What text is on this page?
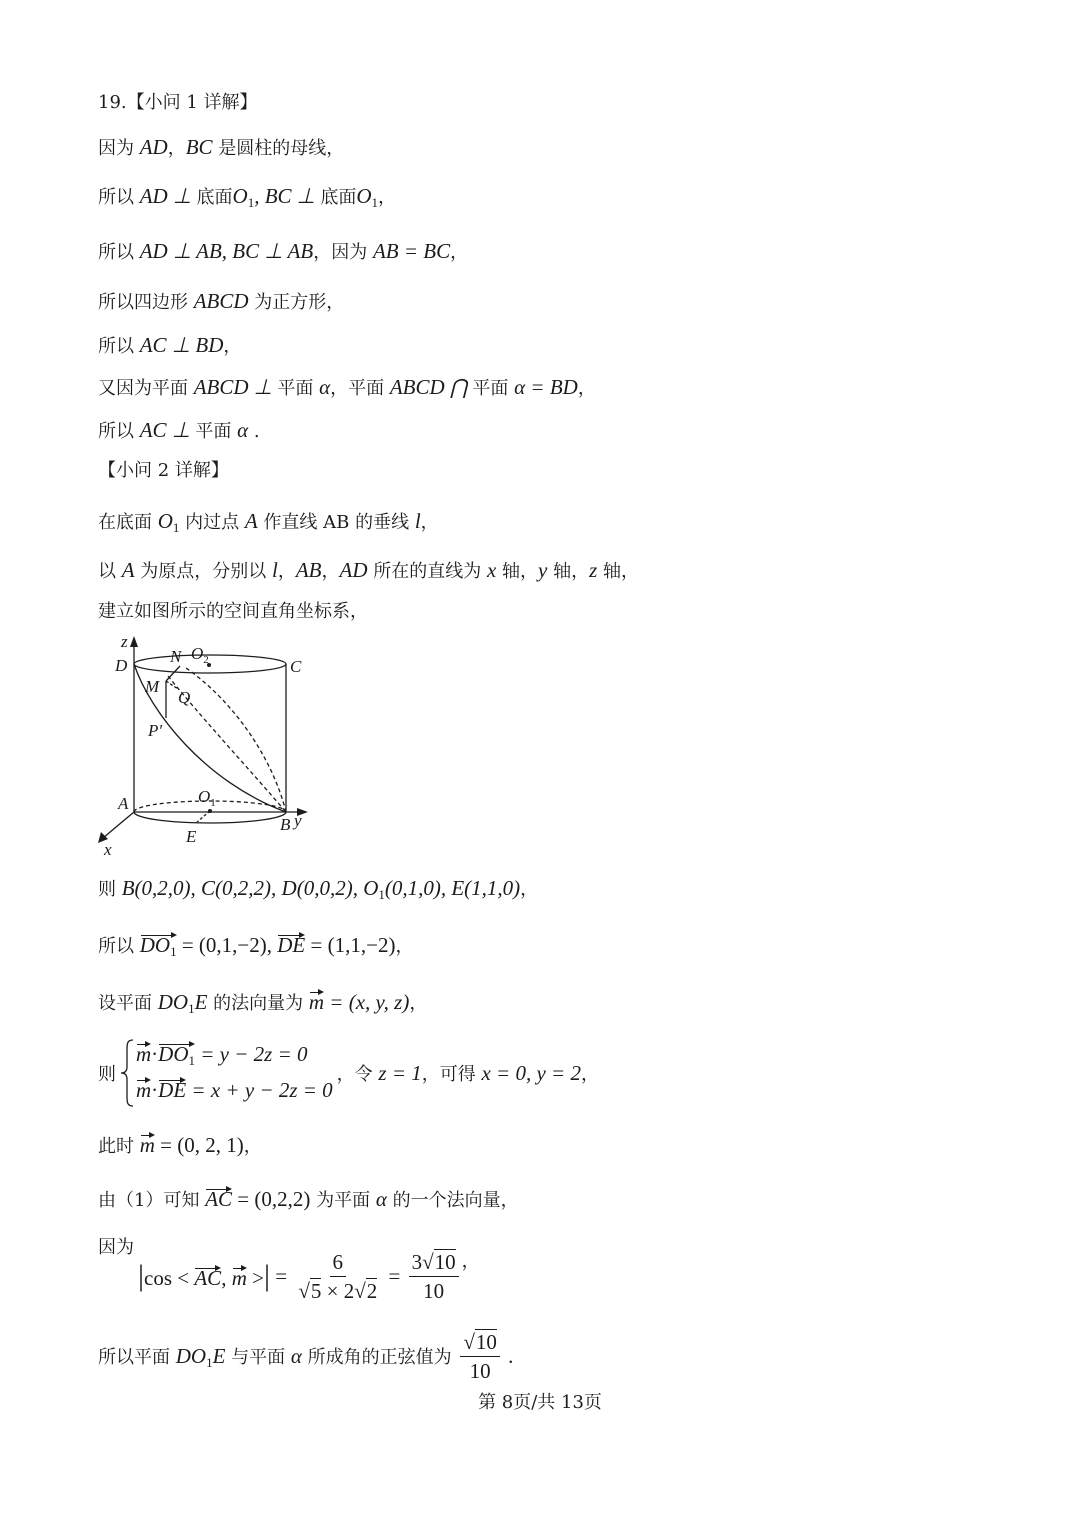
19.【小问 1 详解】
因为 AD，BC 是圆柱的母线，
所以 AD ⊥ 底面$O_1$, BC ⊥ 底面$O_1$，
所以 AD ⊥ AB, BC ⊥ AB，因为 AB = BC，
所以四边形 ABCD 为正方形，
所以 AC ⊥ BD，
又因为平面 ABCD ⊥ 平面 α，平面 ABCD ⋂ 平面 α = BD，
所以 AC ⊥ 平面 α .
【小问 2 详解】
在底面 $O_1$ 内过点 A 作直线 AB 的垂线 l，
以 A 为原点，分别以 l，AB，AD 所在的直线为 x 轴，y 轴，z 轴，
建立如图所示的空间直角坐标系，
z
D	N $O_2$	C
M
Q
P′
A	$O_1$
B y
E
x
则 B(0,2,0), C(0,2,2), D(0,0,2), $O_1(0,1,0)$, E(1,1,0)，
所以 $DO_1 = (0,1,-2)$, DE = (1,1,−2)，
设平面 $DO_1E$ 的法向量为 m = (x, y, z)，
则
$m\cdot DO_1 = y - 2z = 0$
m·DE = x + y − 2z = 0
，令 z = 1，可得 x = 0, y = 2，
此时 m = (0, 2, 1)，
由（1）可知 AC = (0,2,2) 为平面 α 的一个法向量，
因为
|cos < AC, m >| = $\frac{6}{√5 \times 2√2} = \frac{3√10}{10}$ ，
所以平面 $DO_1E$ 与平面 α 所成角的正弦值为 $\frac{√10}{10}$ .
第 8页/共 13页
